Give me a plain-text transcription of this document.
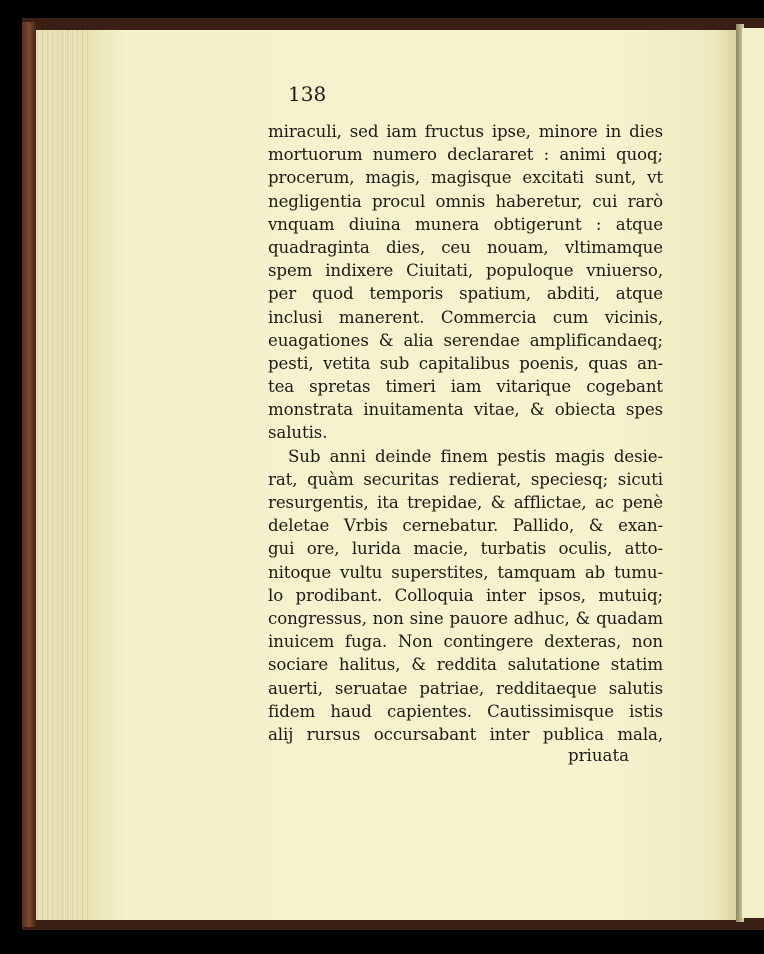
138
miraculi, sed iam fructus ipse, minore in dies
mortuorum numero declararet : animi quoq;
procerum, magis, magisque excitati sunt, vt
negligentia procul omnis haberetur, cui rarò
vnquam diuina munera obtigerunt : atque
quadraginta dies, ceu nouam, vltimamque
spem indixere Ciuitati, populoque vniuerso,
per quod temporis spatium, abditi, atque
inclusi manerent. Commercia cum vicinis,
euagationes & alia serendae amplificandaeq;
pesti, vetita sub capitalibus poenis, quas an-
tea spretas timeri iam vitarique cogebant
monstrata inuitamenta vitae, & obiecta spes
salutis.
Sub anni deinde finem pestis magis desie-
rat, quàm securitas redierat, speciesq; sicuti
resurgentis, ita trepidae, & afflictae, ac penè
deletae Vrbis cernebatur. Pallido, & exan-
gui ore, lurida macie, turbatis oculis, atto-
nitoque vultu superstites, tamquam ab tumu-
lo prodibant. Colloquia inter ipsos, mutuiq;
congressus, non sine pauore adhuc, & quadam
inuicem fuga. Non contingere dexteras, non
sociare halitus, & reddita salutatione statim
auerti, seruatae patriae, redditaeque salutis
fidem haud capientes. Cautissimisque istis
alij rursus occursabant inter publica mala,
priuata
